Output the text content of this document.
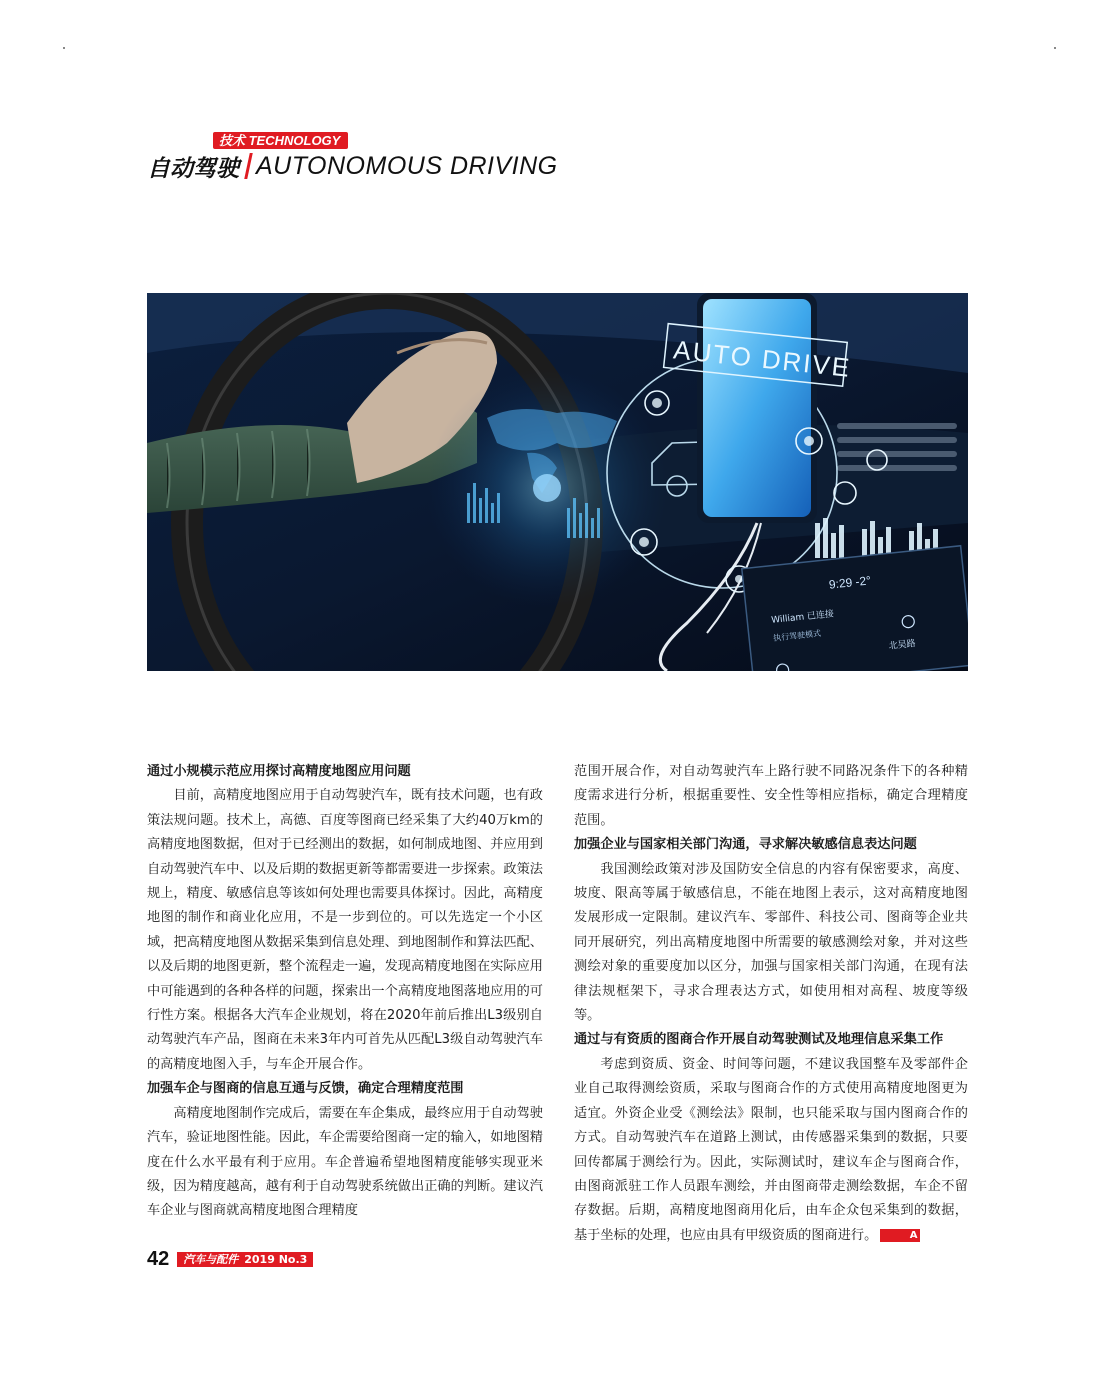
技术 TECHNOLOGY
自动驾驶 AUTONOMOUS DRIVING
AUTO DRIVE
9:29 -2°
William 已连接
执行驾驶模式
北吴路
通过小规模示范应用探讨高精度地图应用问题

目前，高精度地图应用于自动驾驶汽车，既有技术问题，也有政策法规问题。技术上，高德、百度等图商已经采集了大约40万km的高精度地图数据，但对于已经测出的数据，如何制成地图、并应用到自动驾驶汽车中、以及后期的数据更新等都需要进一步探索。政策法规上，精度、敏感信息等该如何处理也需要具体探讨。因此，高精度地图的制作和商业化应用，不是一步到位的。可以先选定一个小区域，把高精度地图从数据采集到信息处理、到地图制作和算法匹配、以及后期的地图更新，整个流程走一遍，发现高精度地图在实际应用中可能遇到的各种各样的问题，探索出一个高精度地图落地应用的可行性方案。根据各大汽车企业规划，将在2020年前后推出L3级别自动驾驶汽车产品，图商在未来3年内可首先从匹配L3级自动驾驶汽车的高精度地图入手，与车企开展合作。

加强车企与图商的信息互通与反馈，确定合理精度范围

高精度地图制作完成后，需要在车企集成，最终应用于自动驾驶汽车，验证地图性能。因此，车企需要给图商一定的输入，如地图精度在什么水平最有利于应用。车企普遍希望地图精度能够实现亚米级，因为精度越高，越有利于自动驾驶系统做出正确的判断。建议汽车企业与图商就高精度地图合理精度

范围开展合作，对自动驾驶汽车上路行驶不同路况条件下的各种精度需求进行分析，根据重要性、安全性等相应指标，确定合理精度范围。

加强企业与国家相关部门沟通，寻求解决敏感信息表达问题

我国测绘政策对涉及国防安全信息的内容有保密要求，高度、坡度、限高等属于敏感信息，不能在地图上表示，这对高精度地图发展形成一定限制。建议汽车、零部件、科技公司、图商等企业共同开展研究，列出高精度地图中所需要的敏感测绘对象，并对这些测绘对象的重要度加以区分，加强与国家相关部门沟通，在现有法律法规框架下，寻求合理表达方式，如使用相对高程、坡度等级等。

通过与有资质的图商合作开展自动驾驶测试及地理信息采集工作

考虑到资质、资金、时间等问题，不建议我国整车及零部件企业自己取得测绘资质，采取与图商合作的方式使用高精度地图更为适宜。外资企业受《测绘法》限制，也只能采取与国内图商合作的方式。自动驾驶汽车在道路上测试，由传感器采集到的数据，只要回传都属于测绘行为。因此，实际测试时，建议车企与图商合作，由图商派驻工作人员跟车测绘，并由图商带走测绘数据，车企不留存数据。后期，高精度地图商用化后，由车企众包采集到的数据，基于坐标的处理，也应由具有甲级资质的图商进行。	A

42 汽车与配件 2019 No.3
